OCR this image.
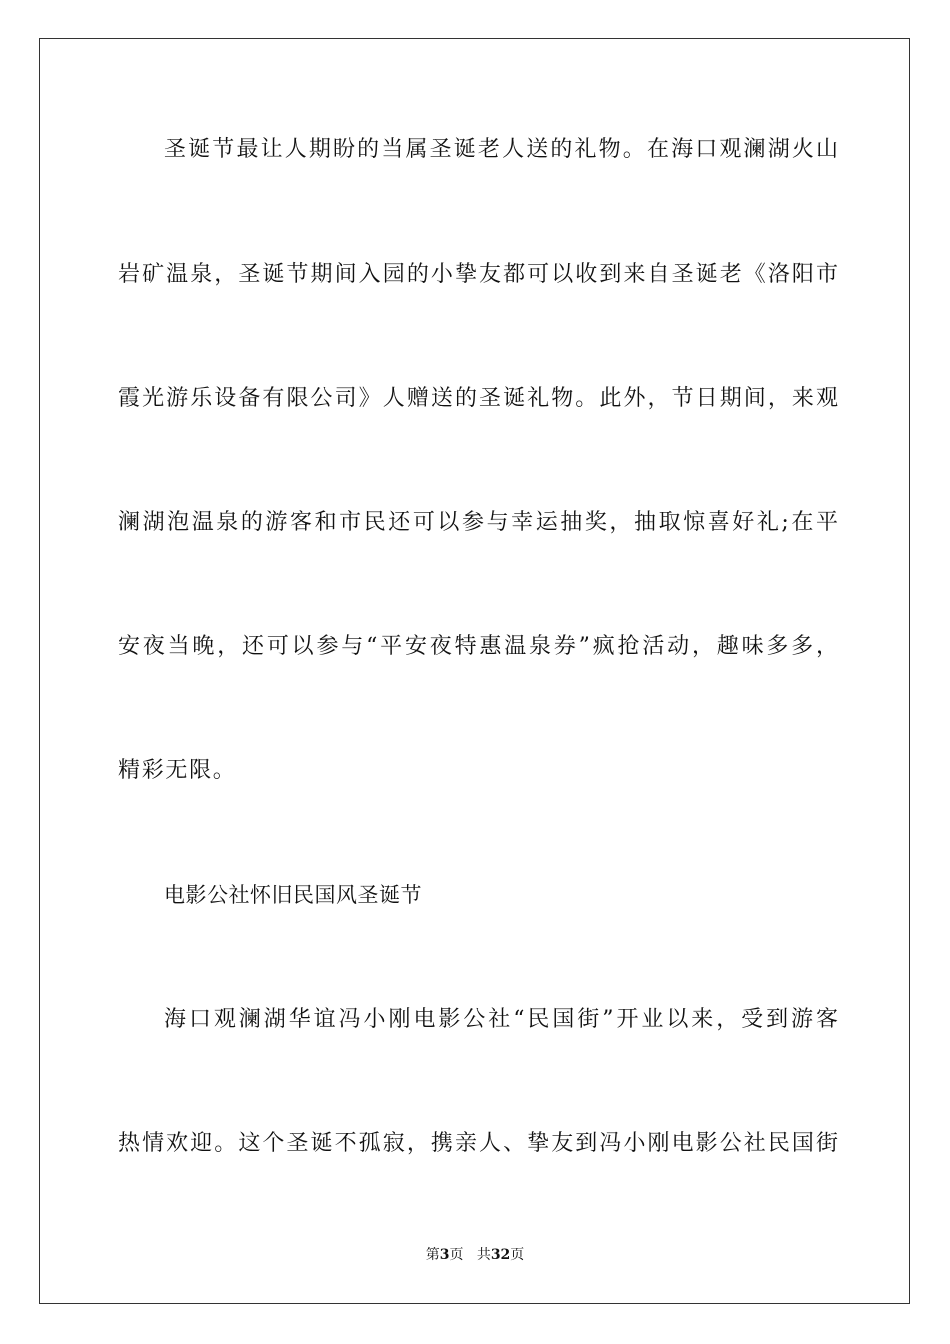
圣诞节最让人期盼的当属圣诞老人送的礼物。在海口观澜湖火山
岩矿温泉，圣诞节期间入园的小挚友都可以收到来自圣诞老《洛阳市
霞光游乐设备有限公司》人赠送的圣诞礼物。此外，节日期间，来观
澜湖泡温泉的游客和市民还可以参与幸运抽奖，抽取惊喜好礼;在平
安夜当晚，还可以参与“平安夜特惠温泉券”疯抢活动，趣味多多，
精彩无限。
电影公社怀旧民国风圣诞节
海口观澜湖华谊冯小刚电影公社“民国街”开业以来，受到游客
热情欢迎。这个圣诞不孤寂，携亲人、挚友到冯小刚电影公社民国街
第3页 共32页
